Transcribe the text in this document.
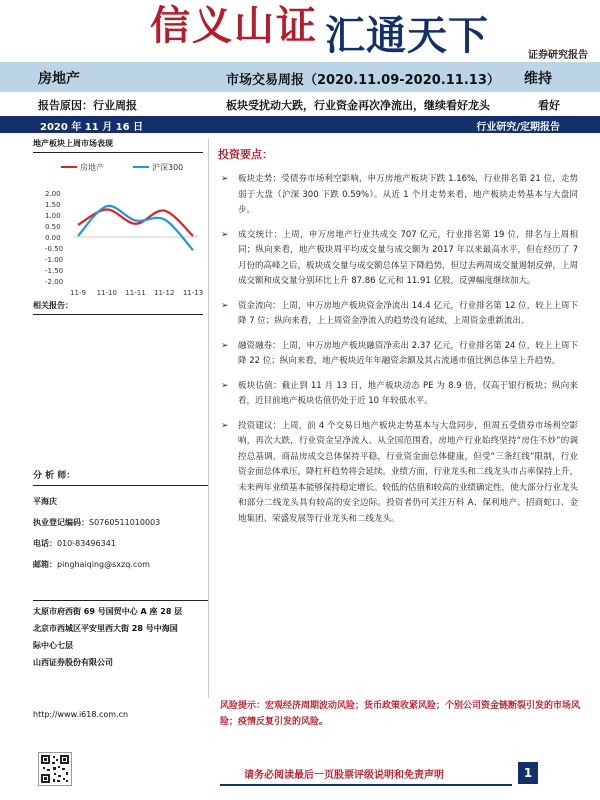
信义山证 汇通天下	证券研究报告
房地产	市场交易周报（2020.11.09-2020.11.13） 维持
报告原因：行业周报	板块受扰动大跌，行业资金再次净流出，继续看好龙头	看好
2020 年 11 月 16 日	行业研究/定期报告
地产板块上周市场表现
房地产	沪深300
2.00
1.50
1.00
0.50
0.00
-0.50
-1.00
-1.50
-2.00
11-9 11-10 11-11 11-12 11-13
相关报告：
分 析 师：
平海庆
执业登记编码：S0760511010003
电话：010-83496341
邮箱：pinghaiqing@sxzq.com
太原市府西街 69 号国贸中心 A 座 28 层
北京市西城区平安里西大街 28 号中海国
际中心七层
山西证券股份有限公司
http://www.i618.com.cn
投资要点：
➢ 板块走势：受债券市场利空影响，申万房地产板块下跌 1.16%，行业排名第 21 位，走势弱于大盘（沪深 300 下跌 0.59%）。从近 1 个月走势来看，地产板块走势基本与大盘同步。
➢ 成交统计：上周，申万房地产行业共成交 707 亿元，行业排名第 19 位，排名与上周相同；纵向来看，地产板块周平均成交量与成交额为 2017 年以来最高水平，但在经历了 7 月份的高峰之后，板块成交量与成交额总体呈下降趋势，但过去两周成交量遏制反弹，上周成交额和成交量分别环比上升 87.86 亿元和 11.91 亿股，反弹幅度继续加大。
➢ 资金流向：上周，申万房地产板块资金净流出 14.4 亿元，行业排名第 12 位，较上上周下降 7 位；纵向来看，上上周资金净流入的趋势没有延续，上周资金重新流出。
➢ 融资融券：上周，申万房地产板块融资净卖出 2.37 亿元，行业排名第 24 位，较上上周下降 22 位；纵向来看，地产板块近年年融资余额及其占流通市值比例总体呈上升趋势。
➢ 板块估值：截止到 11 月 13 日，地产板块动态 PE 为 8.9 倍，仅高于银行板块；纵向来看，近目前地产板块估值仍处于近 10 年较低水平。
➢ 投资建议：上周，前 4 个交易日地产板块走势基本与大盘同步，但周五受债券市场利空影响，再次大跌，行业资金呈净流入。从全国范围看，房地产行业始终坚持“房住不炒”的调控总基调，商品房成交总体保持平稳，行业资金面总体健康，但受“三条红线”限制，行业资金面总体承压，降杠杆趋势将会延续。业绩方面，行业龙头和二线龙头市占率保持上升，未来两年业绩基本能够保持稳定增长。较低的估值和较高的业绩确定性，使大部分行业龙头和部分二线龙头具有较高的安全边际。投资者仍可关注万科 A、保利地产、招商蛇口、金地集团、荣盛发展等行业龙头和二线龙头。
风险提示：宏观经济周期波动风险；货币政策收紧风险；个别公司资金链断裂引发的市场风险；疫情反复引发的风险。
请务必阅读最后一页股票评级说明和免责声明	1
